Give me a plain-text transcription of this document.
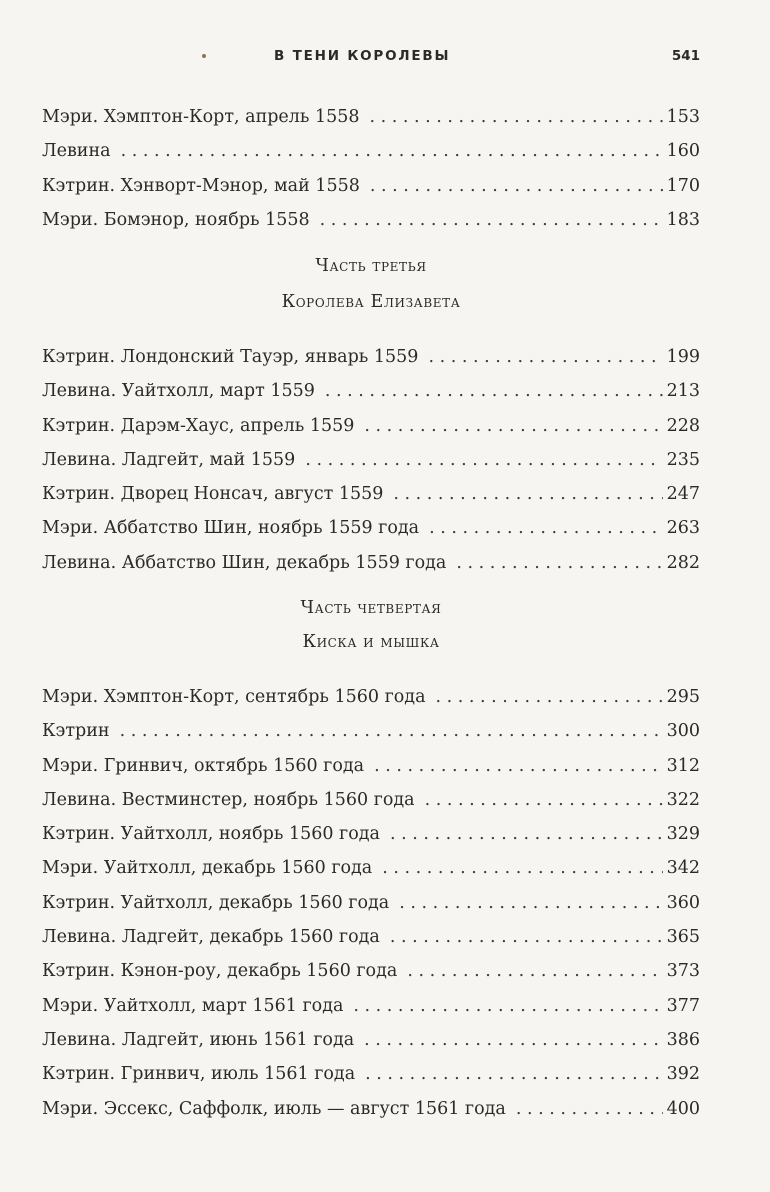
В ТЕНИ КОРОЛЕВЫ	541
Мэри. Хэмптон-Корт, апрель 1558 . . .	153
Левина . . .	160
Кэтрин. Хэнворт-Мэнор, май 1558 . . .	170
Мэри. Бомэнор, ноябрь 1558 . . .	183
Часть третья
Королева Елизавета
Кэтрин. Лондонский Тауэр, январь 1559 . . .	199
Левина. Уайтхолл, март 1559 . . .	213
Кэтрин. Дарэм-Хаус, апрель 1559 . . .	228
Левина. Ладгейт, май 1559 . . .	235
Кэтрин. Дворец Нонсач, август 1559 . . .	247
Мэри. Аббатство Шин, ноябрь 1559 года . . .	263
Левина. Аббатство Шин, декабрь 1559 года . . .	282
Часть четвертая
Киска и мышка
Мэри. Хэмптон-Корт, сентябрь 1560 года . . .	295
Кэтрин . . .	300
Мэри. Гринвич, октябрь 1560 года . . .	312
Левина. Вестминстер, ноябрь 1560 года . . .	322
Кэтрин. Уайтхолл, ноябрь 1560 года . . .	329
Мэри. Уайтхолл, декабрь 1560 года . . .	342
Кэтрин. Уайтхолл, декабрь 1560 года . . .	360
Левина. Ладгейт, декабрь 1560 года . . .	365
Кэтрин. Кэнон-роу, декабрь 1560 года . . .	373
Мэри. Уайтхолл, март 1561 года . . .	377
Левина. Ладгейт, июнь 1561 года . . .	386
Кэтрин. Гринвич, июль 1561 года . . .	392
Мэри. Эссекс, Саффолк, июль — август 1561 года . . .	400
